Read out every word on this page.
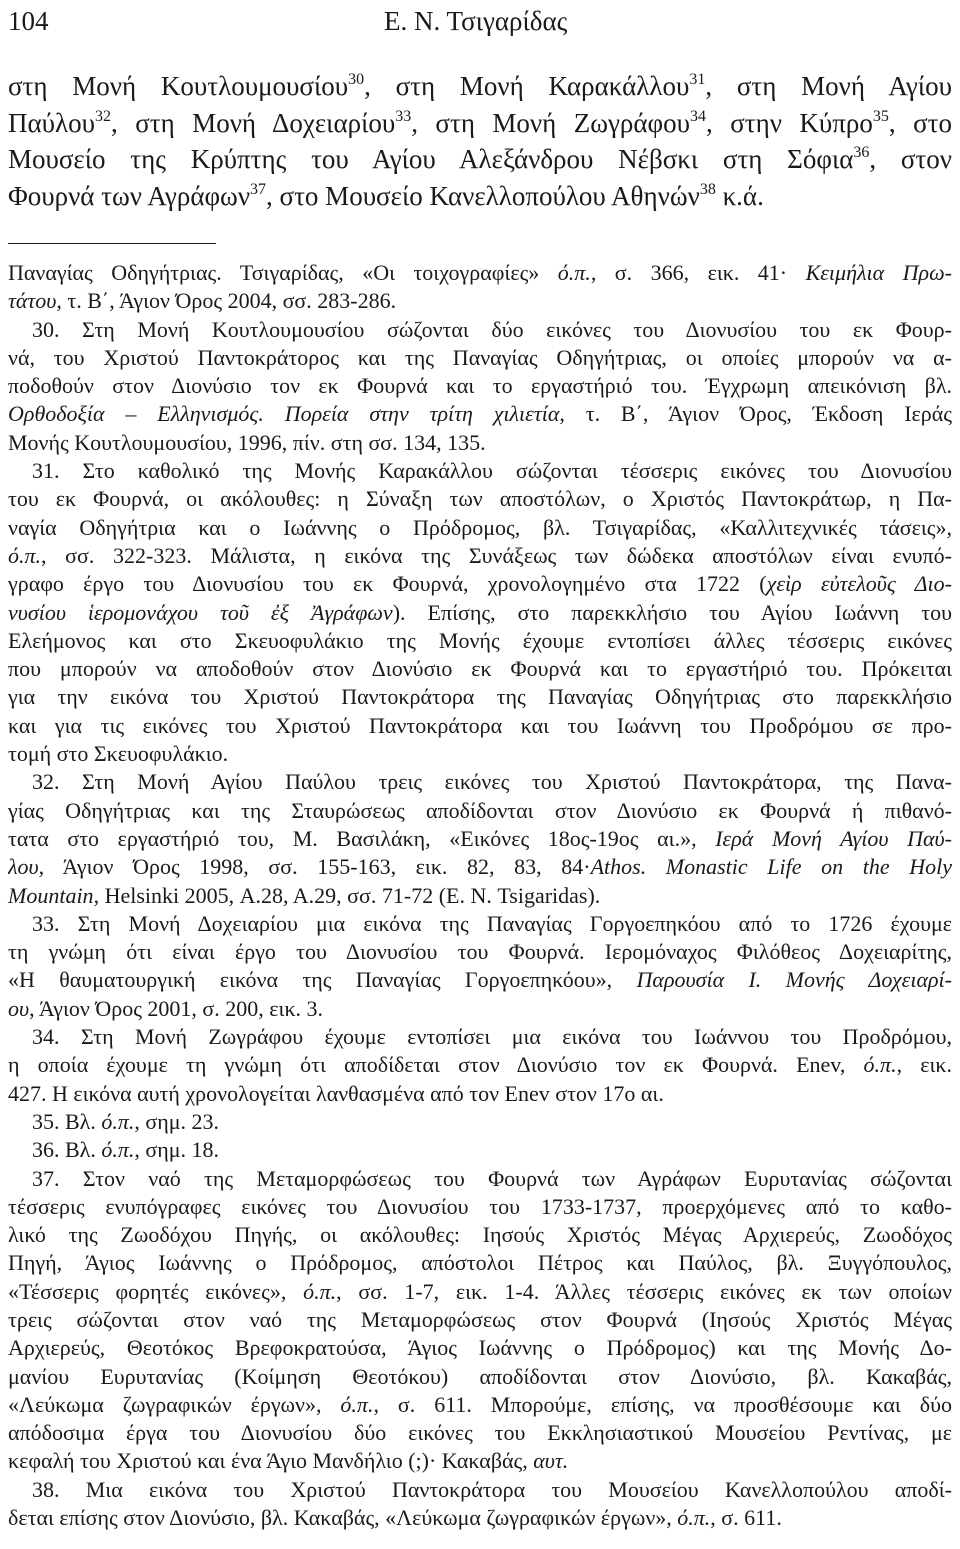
104	Ε. Ν. Τσιγαρίδας
στη Μονή Κουτλουμουσίου$^{30}$, στη Μονή Καρακάλλου$^{31}$, στη Μονή Αγίου
Παύλου$^{32}$, στη Μονή Δοχειαρίου$^{33}$, στη Μονή Ζωγράφου$^{34}$, στην Κύπρο$^{35}$, στο
Μουσείο της Κρύπτης του Αγίου Αλεξάνδρου Νέβσκι στη Σόφια$^{36}$, στον
Φουρνά των Αγράφων$^{37}$, στο Μουσείο Κανελλοπούλου Αθηνών$^{38}$ κ.ά.
Παναγίας Οδηγήτριας. Τσιγαρίδας, «Οι τοιχογραφίες» ό.π., σ. 366, εικ. 41· Κειμήλια Πρω-
τάτου, τ. Β΄, Άγιον Όρος 2004, σσ. 283-286.
30. Στη Μονή Κουτλουμουσίου σώζονται δύο εικόνες του Διονυσίου του εκ Φουρ-
νά, του Χριστού Παντοκράτορος και της Παναγίας Οδηγήτριας, οι οποίες μπορούν να α-
ποδοθούν στον Διονύσιο τον εκ Φουρνά και το εργαστήριό του. Έγχρωμη απεικόνιση βλ.
Ορθοδοξία – Ελληνισμός. Πορεία στην τρίτη χιλιετία, τ. Β΄, Άγιον Όρος, Έκδοση Ιεράς
Μονής Κουτλουμουσίου, 1996, πίν. στη σσ. 134, 135.
31. Στο καθολικό της Μονής Καρακάλλου σώζονται τέσσερις εικόνες του Διονυσίου
του εκ Φουρνά, οι ακόλουθες: η Σύναξη των αποστόλων, ο Χριστός Παντοκράτωρ, η Πα-
ναγία Οδηγήτρια και ο Ιωάννης ο Πρόδρομος, βλ. Τσιγαρίδας, «Καλλιτεχνικές τάσεις»,
ό.π., σσ. 322-323. Μάλιστα, η εικόνα της Συνάξεως των δώδεκα αποστόλων είναι ενυπό-
γραφο έργο του Διονυσίου του εκ Φουρνά, χρονολογημένο στα 1722 (χεὶρ εὐτελοῦς Διο-
νυσίου ἱερομονάχου τοῦ ἐξ Ἀγράφων). Επίσης, στο παρεκκλήσιο του Αγίου Ιωάννη του
Ελεήμονος και στο Σκευοφυλάκιο της Μονής έχουμε εντοπίσει άλλες τέσσερις εικόνες
που μπορούν να αποδοθούν στον Διονύσιο εκ Φουρνά και το εργαστήριό του. Πρόκειται
για την εικόνα του Χριστού Παντοκράτορα της Παναγίας Οδηγήτριας στο παρεκκλήσιο
και για τις εικόνες του Χριστού Παντοκράτορα και του Ιωάννη του Προδρόμου σε προ-
τομή στο Σκευοφυλάκιο.
32. Στη Μονή Αγίου Παύλου τρεις εικόνες του Χριστού Παντοκράτορα, της Πανα-
γίας Οδηγήτριας και της Σταυρώσεως αποδίδονται στον Διονύσιο εκ Φουρνά ή πιθανό-
τατα στο εργαστήριό του, Μ. Βασιλάκη, «Εικόνες 18ος-19ος αι.», Ιερά Μονή Αγίου Παύ-
λου, Άγιον Όρος 1998, σσ. 155-163, εικ. 82, 83, 84·Athos. Monastic Life on the Holy
Mountain, Helsinki 2005, Α.28, Α.29, σσ. 71-72 (Ε. Ν. Tsigaridas).
33. Στη Μονή Δοχειαρίου μια εικόνα της Παναγίας Γοργοεπηκόου από το 1726 έχουμε
τη γνώμη ότι είναι έργο του Διονυσίου του Φουρνά. Ιερομόναχος Φιλόθεος Δοχειαρίτης,
«Η θαυματουργική εικόνα της Παναγίας Γοργοεπηκόου», Παρουσία Ι. Μονής Δοχειαρί-
ου, Άγιον Όρος 2001, σ. 200, εικ. 3.
34. Στη Μονή Ζωγράφου έχουμε εντοπίσει μια εικόνα του Ιωάννου του Προδρόμου,
η οποία έχουμε τη γνώμη ότι αποδίδεται στον Διονύσιο τον εκ Φουρνά. Enev, ό.π., εικ.
427. Η εικόνα αυτή χρονολογείται λανθασμένα από τον Enev στον 17ο αι.
35. Βλ. ό.π., σημ. 23.
36. Βλ. ό.π., σημ. 18.
37. Στον ναό της Μεταμορφώσεως του Φουρνά των Αγράφων Ευρυτανίας σώζονται
τέσσερις ενυπόγραφες εικόνες του Διονυσίου του 1733-1737, προερχόμενες από το καθο-
λικό της Ζωοδόχου Πηγής, οι ακόλουθες: Ιησούς Χριστός Μέγας Αρχιερεύς, Ζωοδόχος
Πηγή, Άγιος Ιωάννης ο Πρόδρομος, απόστολοι Πέτρος και Παύλος, βλ. Ξυγγόπουλος,
«Τέσσερις φορητές εικόνες», ό.π., σσ. 1-7, εικ. 1-4. Άλλες τέσσερις εικόνες εκ των οποίων
τρεις σώζονται στον ναό της Μεταμορφώσεως στον Φουρνά (Ιησούς Χριστός Μέγας
Αρχιερεύς, Θεοτόκος Βρεφοκρατούσα, Άγιος Ιωάννης ο Πρόδρομος) και της Μονής Δο-
μανίου Ευρυτανίας (Κοίμηση Θεοτόκου) αποδίδονται στον Διονύσιο, βλ. Κακαβάς,
«Λεύκωμα ζωγραφικών έργων», ό.π., σ. 611. Μπορούμε, επίσης, να προσθέσουμε και δύο
απόδοσιμα έργα του Διονυσίου δύο εικόνες του Εκκλησιαστικού Μουσείου Ρεντίνας, με
κεφαλή του Χριστού και ένα Άγιο Μανδήλιο (;)· Κακαβάς, αυτ.
38. Μια εικόνα του Χριστού Παντοκράτορα του Μουσείου Κανελλοπούλου αποδί-
δεται επίσης στον Διονύσιο, βλ. Κακαβάς, «Λεύκωμα ζωγραφικών έργων», ό.π., σ. 611.
